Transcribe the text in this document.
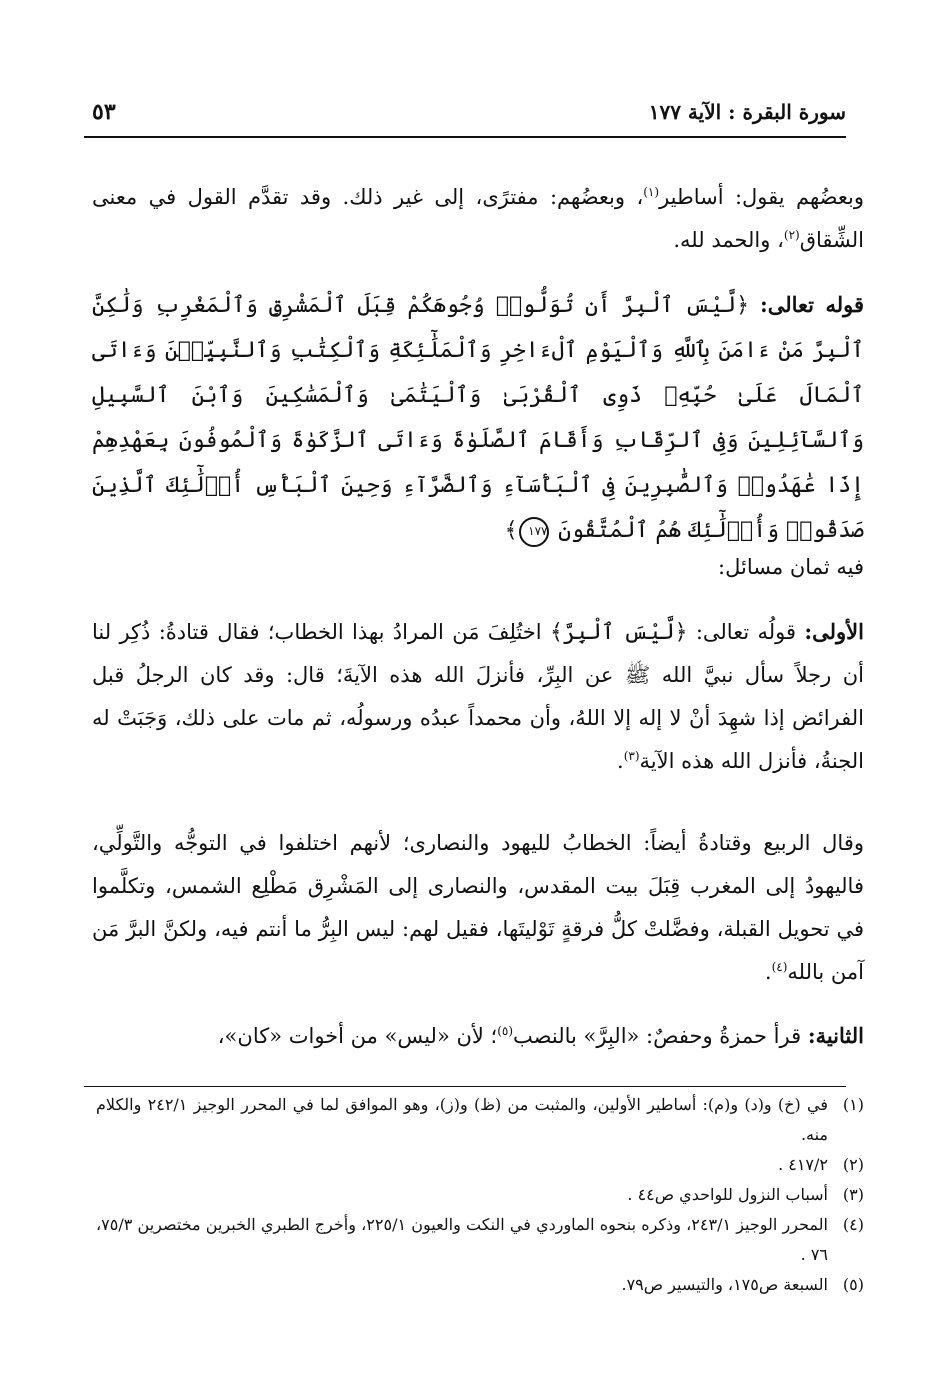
٥٣	سورة البقرة : الآية ١٧٧

وبعضُهم يقول: أساطير$^{(١)}$، وبعضُهم: مفترًى، إلى غير ذلك. وقد تقدَّم القول في معنى الشِّقاق$^{(٢)}$، والحمد لله.

قوله تعالى: ﴿لَّيْسَ ٱلْبِرَّ أَن تُوَلُّوا۟ وُجُوهَكُمْ قِبَلَ ٱلْمَشْرِقِ وَٱلْمَغْرِبِ وَلَٰكِنَّ ٱلْبِرَّ مَنْ ءَامَنَ بِٱللَّهِ وَٱلْيَوْمِ ٱلْءَاخِرِ وَٱلْمَلَٰٓئِكَةِ وَٱلْكِتَٰبِ وَٱلنَّبِيِّـۧنَ وَءَاتَى ٱلْمَالَ عَلَىٰ حُبِّهِۦ ذَوِى ٱلْقُرْبَىٰ وَٱلْيَتَٰمَىٰ وَٱلْمَسَٰكِينَ وَٱبْنَ ٱلسَّبِيلِ وَٱلسَّآئِلِينَ وَفِى ٱلرِّقَابِ وَأَقَامَ ٱلصَّلَوٰةَ وَءَاتَى ٱلزَّكَوٰةَ وَٱلْمُوفُونَ بِعَهْدِهِمْ إِذَا عَٰهَدُوا۟ وَٱلصَّٰبِرِينَ فِى ٱلْبَأْسَآءِ وَٱلضَّرَّآءِ وَحِينَ ٱلْبَأْسِ أُو۟لَٰٓئِكَ ٱلَّذِينَ صَدَقُوا۟ وَأُو۟لَٰٓئِكَ هُمُ ٱلْمُتَّقُونَ ١٧٧﴾

فيه ثمان مسائل:

الأولى: قولُه تعالى: ﴿لَّيْسَ ٱلْبِرَّ﴾ اختُلِفَ مَن المرادُ بهذا الخطاب؛ فقال قتادةُ: ذُكِر لنا أن رجلاً سأل نبيَّ الله ﷺ عن البِرِّ، فأنزلَ الله هذه الآيةَ؛ قال: وقد كان الرجلُ قبل الفرائض إذا شهِدَ أنْ لا إله إلا اللهُ، وأن محمداً عبدُه ورسولُه، ثم مات على ذلك، وَجَبَتْ له الجنةُ، فأنزل الله هذه الآية$^{(٣)}$.

وقال الربيع وقتادةُ أيضاً: الخطابُ لليهود والنصارى؛ لأنهم اختلفوا في التوجُّه والتَّولِّي، فاليهودُ إلى المغرب قِبَلَ بيت المقدس، والنصارى إلى المَشْرِق مَطْلِع الشمس، وتكلَّموا في تحويل القبلة، وفضَّلتْ كلُّ فرقةٍ تَوْليتَها، فقيل لهم: ليس البِرُّ ما أنتم فيه، ولكنَّ البرَّ مَن آمن بالله$^{(٤)}$.

الثانية: قرأ حمزةُ وحفصٌ: «البِرَّ» بالنصب$^{(٥)}$؛ لأن «ليس» من أخوات «كان»،

(١)
في (خ) و(د) و(م): أساطير الأولين، والمثبت من (ظ) و(ز)، وهو الموافق لما في المحرر الوجيز ٢٤٢/١ والكلام منه.
(٢)
٤١٧/٢ .
(٣)
أسباب النزول للواحدي ص٤٤ .
(٤)
المحرر الوجيز ٢٤٣/١، وذكره بنحوه الماوردي في النكت والعيون ٢٢٥/١، وأخرج الطبري الخبرين مختصرين ٧٥/٣، ٧٦ .
(٥)
السبعة ص١٧٥، والتيسير ص٧٩.
